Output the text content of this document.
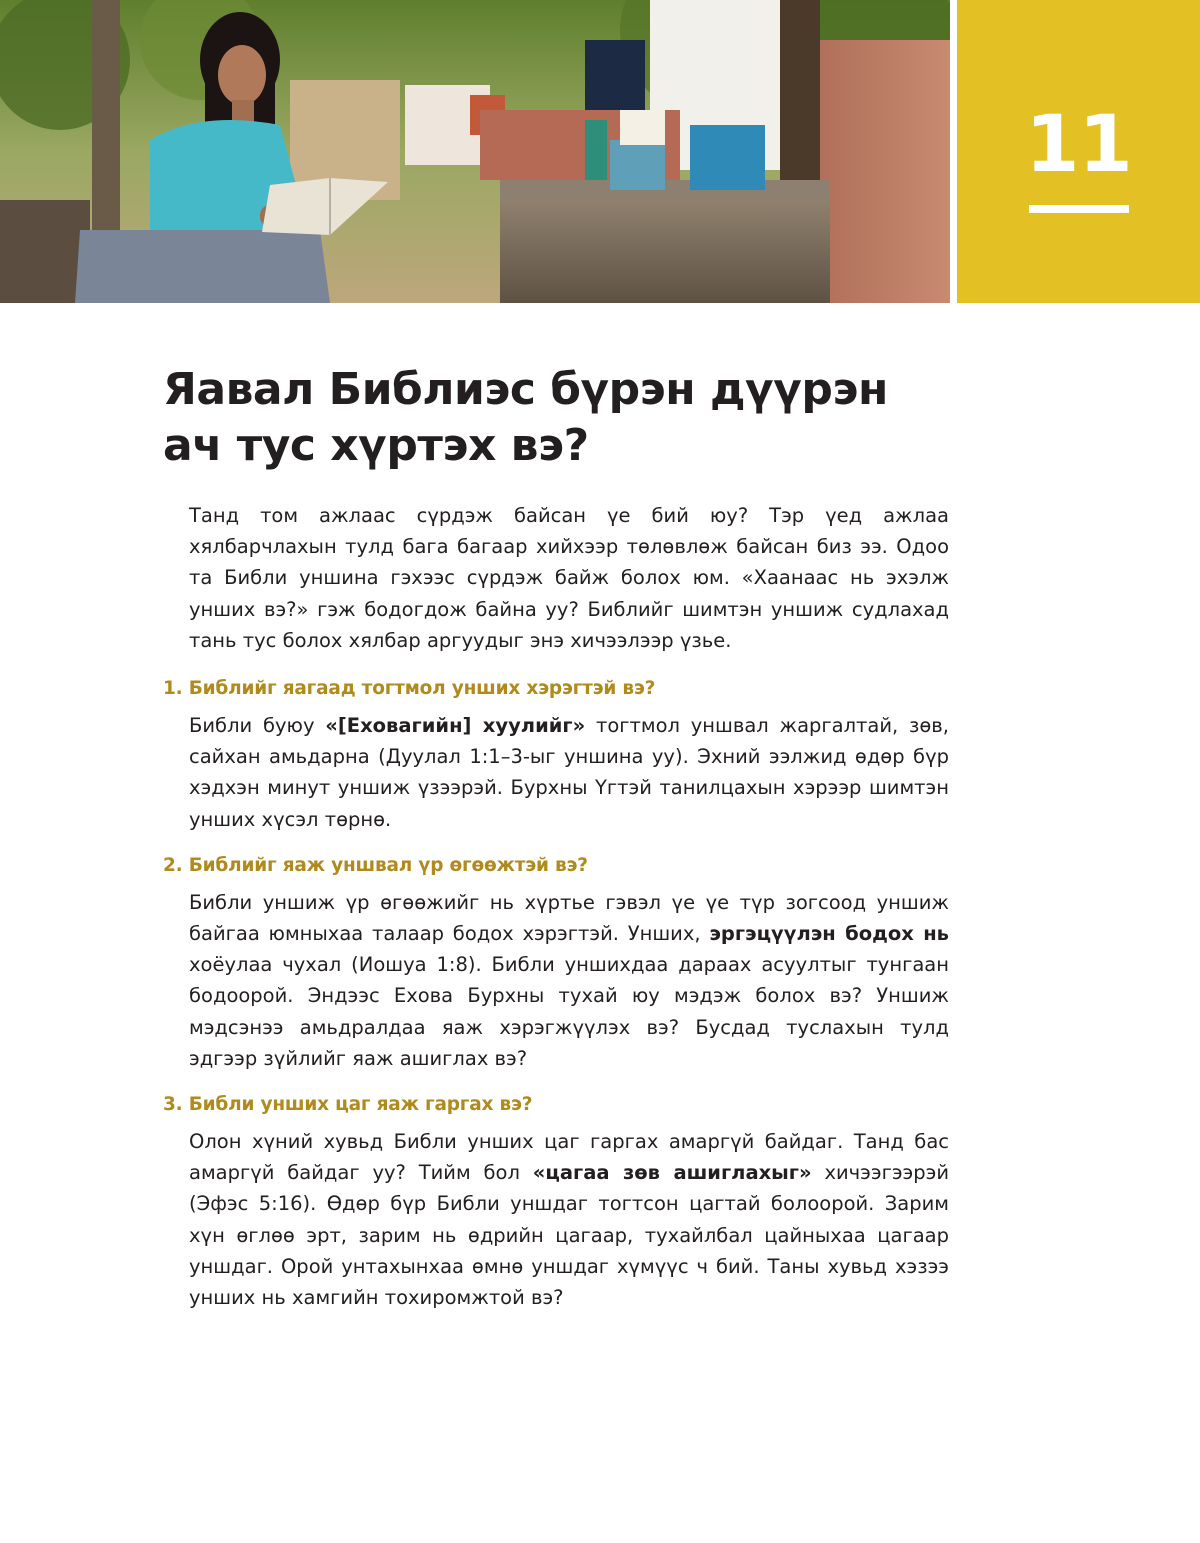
11
Яавал Библиэс бүрэн дүүрэн
ач тус хүртэх вэ?

Танд том ажлаас сүрдэж байсан үе бий юу? Тэр үед ажлаа хялбарчлахын тулд бага багаар хийхээр төлөвлөж байсан биз ээ. Одоо та Библи уншина гэхээс сүрдэж байж болох юм. «Хаанаас нь эхэлж унших вэ?» гэж бодогдож байна уу? Библийг шимтэн уншиж судлахад тань тус болох хялбар аргуудыг энэ хичээлээр үзье.

1. Библийг яагаад тогтмол унших хэрэгтэй вэ?

Библи буюу «[Еховагийн] хуулийг» тогтмол уншвал жаргалтай, зөв, сайхан амьдарна (Дуулал 1:1–3-ыг уншина уу). Эхний ээлжид өдөр бүр хэдхэн минут уншиж үзээрэй. Бурхны Үгтэй танилцахын хэрээр шимтэн унших хүсэл төрнө.

2. Библийг яаж уншвал үр өгөөжтэй вэ?

Библи уншиж үр өгөөжийг нь хүртье гэвэл үе үе түр зогсоод уншиж байгаа юмныхаа талаар бодох хэрэгтэй. Унших, эргэцүүлэн бодох нь хоёулаа чухал (Иошуа 1:8). Библи уншихдаа дараах асуултыг тунгаан бодоорой. Эндээс Ехова Бурхны тухай юу мэдэж болох вэ? Уншиж мэдсэнээ амьдралдаа яаж хэрэгжүүлэх вэ? Бусдад туслахын тулд эдгээр зүйлийг яаж ашиглах вэ?

3. Библи унших цаг яаж гаргах вэ?

Олон хүний хувьд Библи унших цаг гаргах амаргүй байдаг. Танд бас амаргүй байдаг уу? Тийм бол «цагаа зөв ашиглахыг» хичээгээрэй (Эфэс 5:16). Өдөр бүр Библи уншдаг тогтсон цагтай болоорой. Зарим хүн өглөө эрт, зарим нь өдрийн цагаар, тухайлбал цайныхаа цагаар уншдаг. Орой унтахынхаа өмнө уншдаг хүмүүс ч бий. Таны хувьд хэзээ унших нь хамгийн тохиромжтой вэ?
